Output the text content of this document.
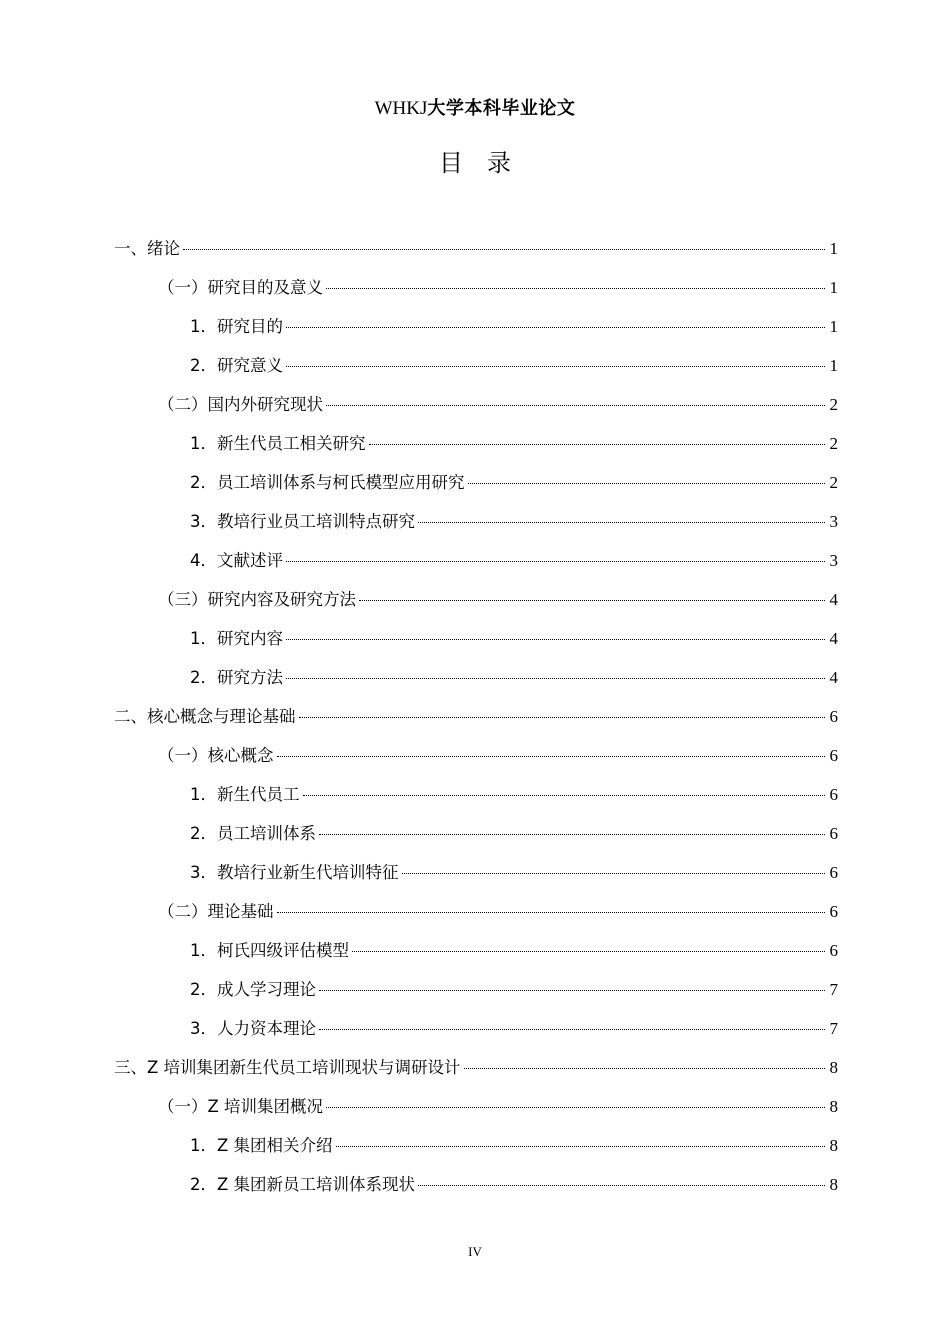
WHKJ大学本科毕业论文
目录
一、绪论	1
（一）研究目的及意义	1
1．研究目的	1
2．研究意义	1
（二）国内外研究现状	2
1．新生代员工相关研究	2
2．员工培训体系与柯氏模型应用研究	2
3．教培行业员工培训特点研究	3
4．文献述评	3
（三）研究内容及研究方法	4
1．研究内容	4
2．研究方法	4
二、核心概念与理论基础	6
（一）核心概念	6
1．新生代员工	6
2．员工培训体系	6
3．教培行业新生代培训特征	6
（二）理论基础	6
1．柯氏四级评估模型	6
2．成人学习理论	7
3．人力资本理论	7
三、Z 培训集团新生代员工培训现状与调研设计	8
（一）Z 培训集团概况	8
1．Z 集团相关介绍	8
2．Z 集团新员工培训体系现状	8
IV
